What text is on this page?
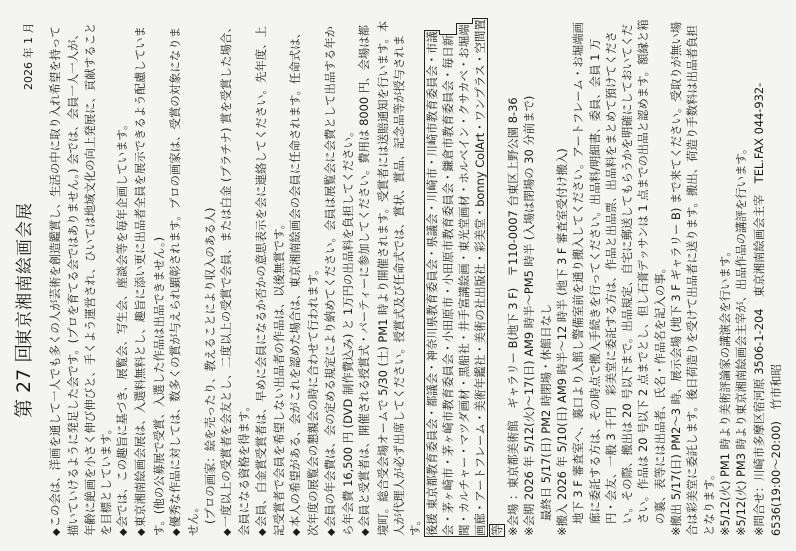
第 27 回
東京湘南絵画会展
2026 年 1 月 ◆ この会は、洋画を通して一人でも多くの人が芸術を創造鑑賞し、生活の中に取り入れ希望を持って描いていけるように発足した会です。(プロを育てる会ではありません。) 会では、会員一人一人が、年齢に絶画を小さく伸び伸びと、手くよう運営され、ひいては地域文化の向上発展に、貢献することを目標としています。 ◆ 会では、この趣旨に基づき、展覧会、写生会、座談会等を毎年企画しています。 ◆ 東京湘南絵画会展は、入選料無料とし、趣旨に添い更に出品者全員を展示できるよう配慮しています。(他の公募展で受賞、入選した作品は出品できません。) ◆ 優秀な作品に対しては、数多くの賞が与えられ顕彰されます。プロの画家は、受賞の対象になりません。 (プロの画家：絵を売ったり、教えることにより収入のある人) ◆ 一度以上の受賞者を会友とし、二度以上の受賞で会員、または白金 (プラチナ) 賞を受賞した場合、会員になる資格を得ます。 ◆ 会員、白金賞受賞者は、早めに会員になるか否かの意思表示を会に連絡してください。先年度、上記受賞者で会員を希望しない出品者の作品は、以後無賞です。 ◆ 本人の希望がある、会がこれを認めた場合は、東京湘南絵画会の会員に任命されます。任命式は、次年度の展覧会の懇親会の時に合わせて行われます。 ◆ 会員の年会費は、会の定める規定により納めてください。会員は展覧会に会費として出品する年から年会費 16,500 円 (DVD 制作費込み) と 1万円の出品料を負担してください。 ◆ 会員と受賞者は、開催される授賞式・パーティーに参加してください。費用は 8000 円、会場は都境町。総合受会場オームで 5/30 (土) PM1 時より開催されます。受賞者には送賠通知を行います。本人が代理人が必ず出席してください。授賞式及び任命式では、賞状、賞品、記念品等が授与されます。 後援 東京都教育委員会・都議会・神奈川県教育委員会・県議会・川崎市・川崎市教育委員会・市議会・茅ヶ崎市・茅ヶ崎市教育委員会・小田原市・小田原市教育委員会・鎌倉市教育委員会・毎日新聞・カルチャー・マツダ画材・黒船社・井手富講絵画・東光堂画材・ホルベイン・クサカベ・お堀端画廊・アートフレーム・美術年鑑社・美術の社出版社・彩美堂・bonny ColArt・ワンプラス・空間置等 ※会場 ：東京都美術館　ギャラリー B(地下 3 F)　〒110-0007 台東区上野公園 8-36 ※会期 2026 年 5/12(火)～17(日) AM9 時半～PM5 時半 (入場は閉場の 30 分前まで) 　 最終日 5/17(日) PM2 時閉場・休館日なし ※搬入 2026 年 5/10(日) AM9 時半～12 時半 (地下 3 F 審査室受付け搬入) 地下 3 F 審査室へ、裏口より入館し警備室前を通り搬入してください。アートフレーム・お堀端画廊に委託する方は、その時点で搬入手続きを行ってください。出品料/明細書、委員、会員 1 万円・会友、一般 3 千円　彩美堂に委託する方は、作品と出品票、出品料をまとめて預けてください。その際、搬出は 20 号以下まで。出品規定、自宅に郵送してもらうかを明確にしておいてください。作品は 20 号以下 2 点までとし、但し石膏デッサンは 1 点までの出品と認めます。額縁と箱の裏、表等には出品者、氏名・作品名を記入の事。 ※搬出 5/17(日) PM2～3 時、展示会場 (地下 3 F ギャラリー B) まで来てください。受取りが無い場合は彩美堂に委託します。後日荷造りを受けて出品者に送ります。搬出、荷造り手数料は出品者負担となります。 ※5/12(火) PM1 時より美術評論家の講演会を行います。 ※5/12(火) PM3 時より東京湘南絵画会主宰が、出品作品の講評を行います。 ※問合せ：川崎市多摩区宿河原 3506-1-204　東京湘南絵画会主宰　TEL.FAX 044-932-6536(19:00～20:00)　竹市和昭
